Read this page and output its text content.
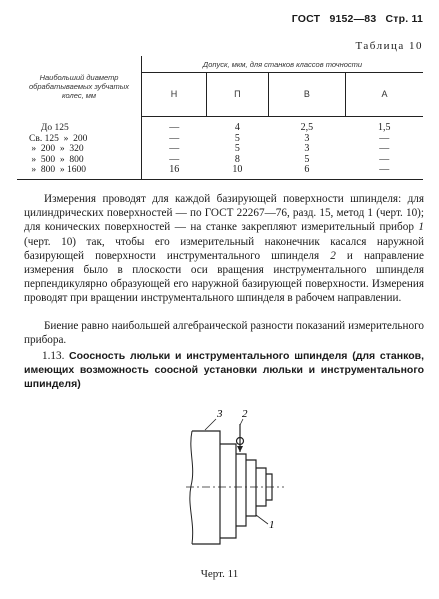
ГОСТ 9152—83 Стр. 11
Таблица 10
Наибольший диаметр обрабатываемых зубчатых колес, мм	Допуск, мкм, для станков классов точности			
	Н	П	В	А
До 125	—	4	2,5	1,5
Св. 125  »  200	—	5	3	—
»  200  »  320	—	5	3	—
»  500  »  800	—	8	5	—
»  800  » 1600	16	10	6	—

Измерения проводят для каждой базирующей поверхности шпинделя: для цилиндрических поверхностей — по ГОСТ 22267—76, разд. 15, метод 1 (черт. 10); для конических поверхностей — на станке закрепляют измерительный прибор 1 (черт. 10) так, чтобы его измерительный наконечник касался наружной базирующей поверхности инструментального шпинделя 2 и направление измерения было в плоскости оси вращения инструментального шпинделя перпендикулярно образующей его наружной базирующей поверхности. Измерения проводят при вращении инструментального шпинделя в рабочем направлении.

Биение равно наибольшей алгебраической разности показаний измерительного прибора.

1.13. Соосность люльки и инструментального шпинделя (для станков, имеющих возможность соосной установки люльки и инструментального шпинделя)

3 2
1
Черт. 11
